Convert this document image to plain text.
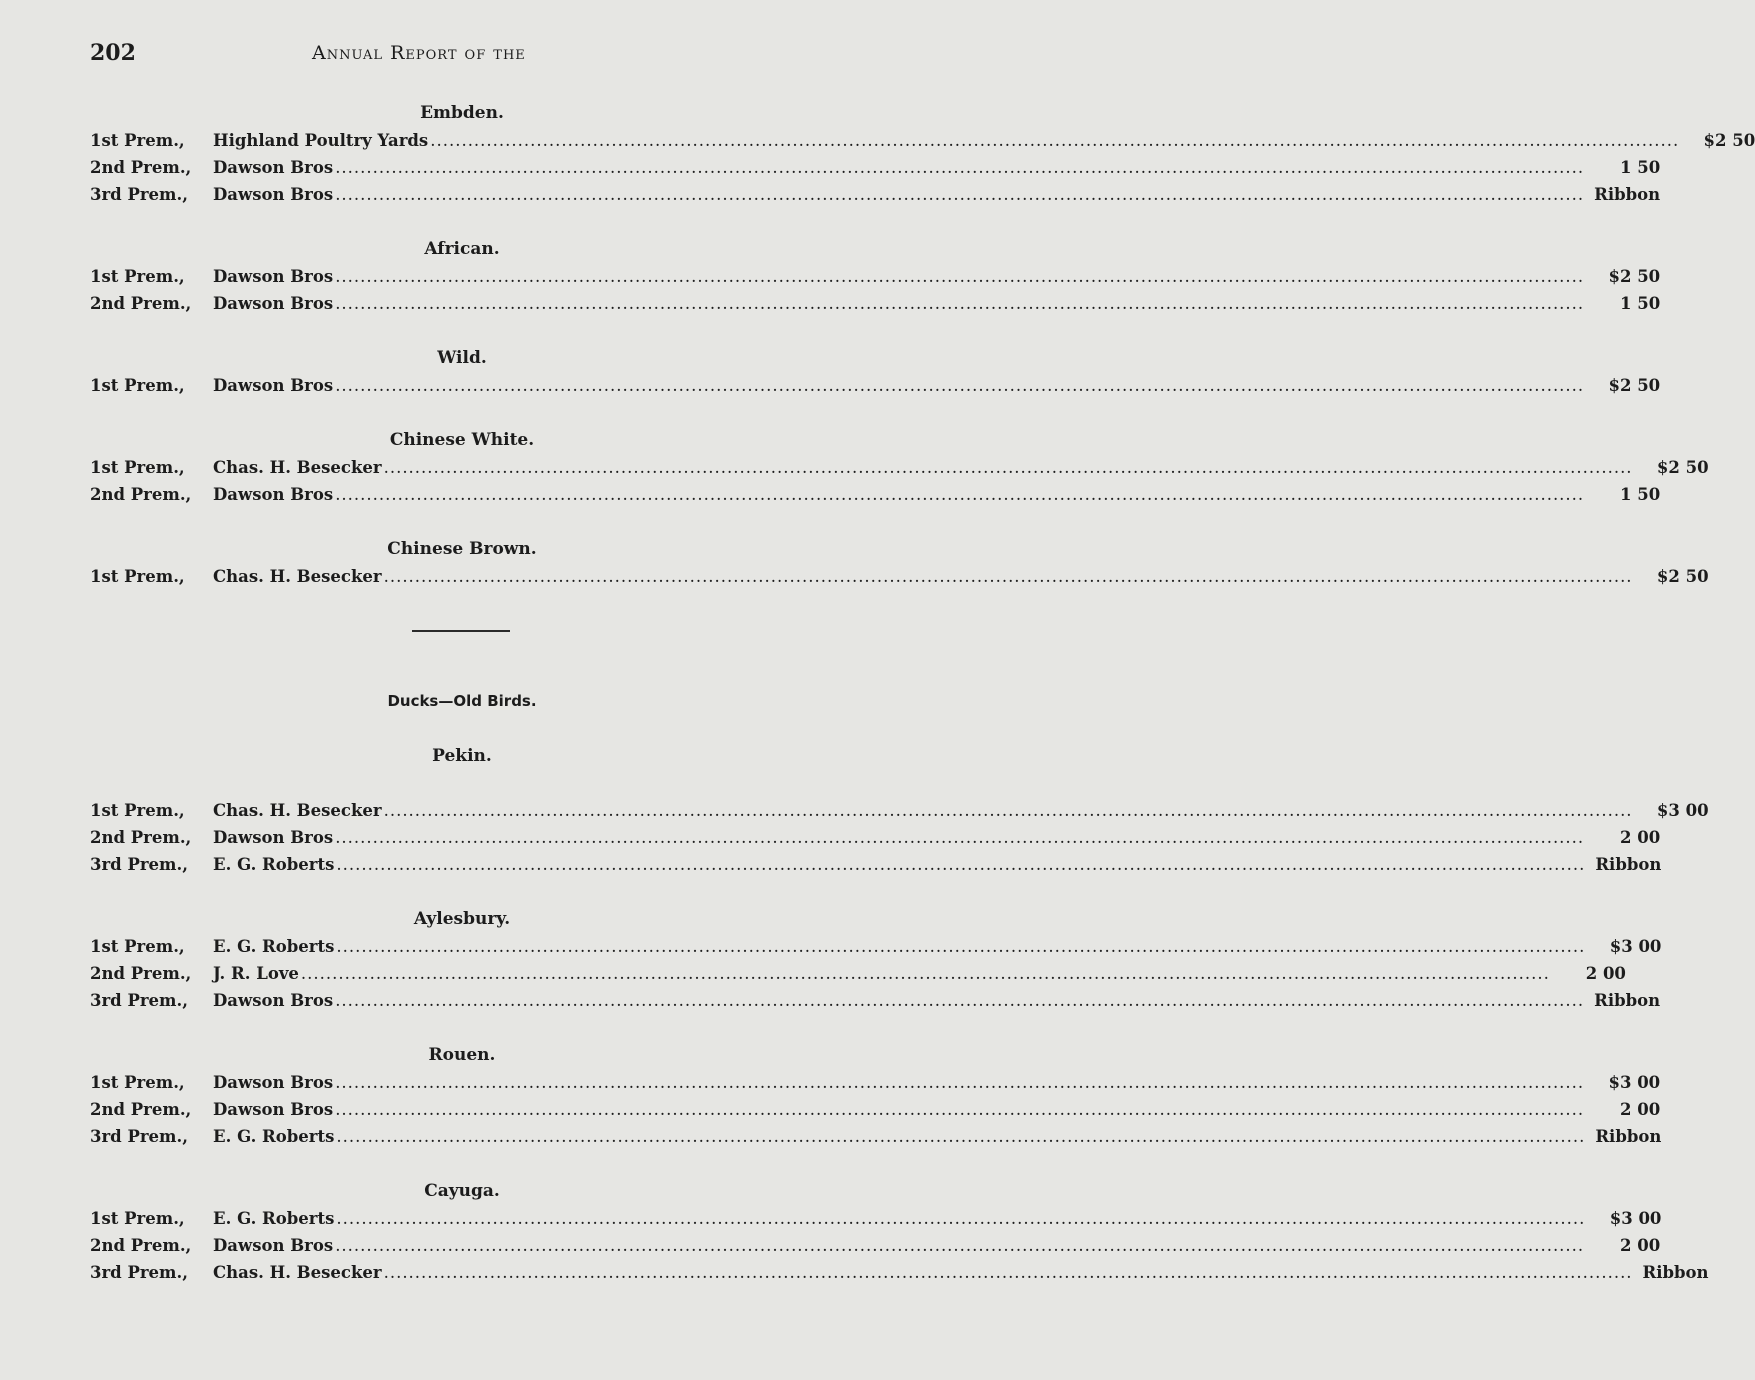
202	Annual Report of the
Embden.
1st Prem.,	Highland Poultry Yards ........................................................................................................................................................................................................	$2 50
2nd Prem.,	Dawson Bros ........................................................................................................................................................................................................	1 50
3rd Prem.,	Dawson Bros ........................................................................................................................................................................................................ Ribbon
African.
1st Prem.,	Dawson Bros ........................................................................................................................................................................................................	$2 50
2nd Prem.,	Dawson Bros ........................................................................................................................................................................................................	1 50
Wild.
1st Prem.,	Dawson Bros ........................................................................................................................................................................................................	$2 50
Chinese White.
1st Prem.,	Chas. H. Besecker ........................................................................................................................................................................................................	$2 50
2nd Prem.,	Dawson Bros ........................................................................................................................................................................................................	1 50
Chinese Brown.
1st Prem.,	Chas. H. Besecker ........................................................................................................................................................................................................	$2 50
Ducks—Old Birds.
Pekin.
1st Prem.,	Chas. H. Besecker ........................................................................................................................................................................................................	$3 00
2nd Prem.,	Dawson Bros ........................................................................................................................................................................................................	2 00
3rd Prem.,	E. G. Roberts ........................................................................................................................................................................................................ Ribbon
Aylesbury.
1st Prem.,	E. G. Roberts ........................................................................................................................................................................................................	$3 00
2nd Prem.,	J. R. Love ........................................................................................................................................................................................................	2 00
3rd Prem.,	Dawson Bros ........................................................................................................................................................................................................ Ribbon
Rouen.
1st Prem.,	Dawson Bros ........................................................................................................................................................................................................	$3 00
2nd Prem.,	Dawson Bros ........................................................................................................................................................................................................	2 00
3rd Prem.,	E. G. Roberts ........................................................................................................................................................................................................ Ribbon
Cayuga.
1st Prem.,	E. G. Roberts ........................................................................................................................................................................................................	$3 00
2nd Prem.,	Dawson Bros ........................................................................................................................................................................................................	2 00
3rd Prem.,	Chas. H. Besecker ........................................................................................................................................................................................................ Ribbon
